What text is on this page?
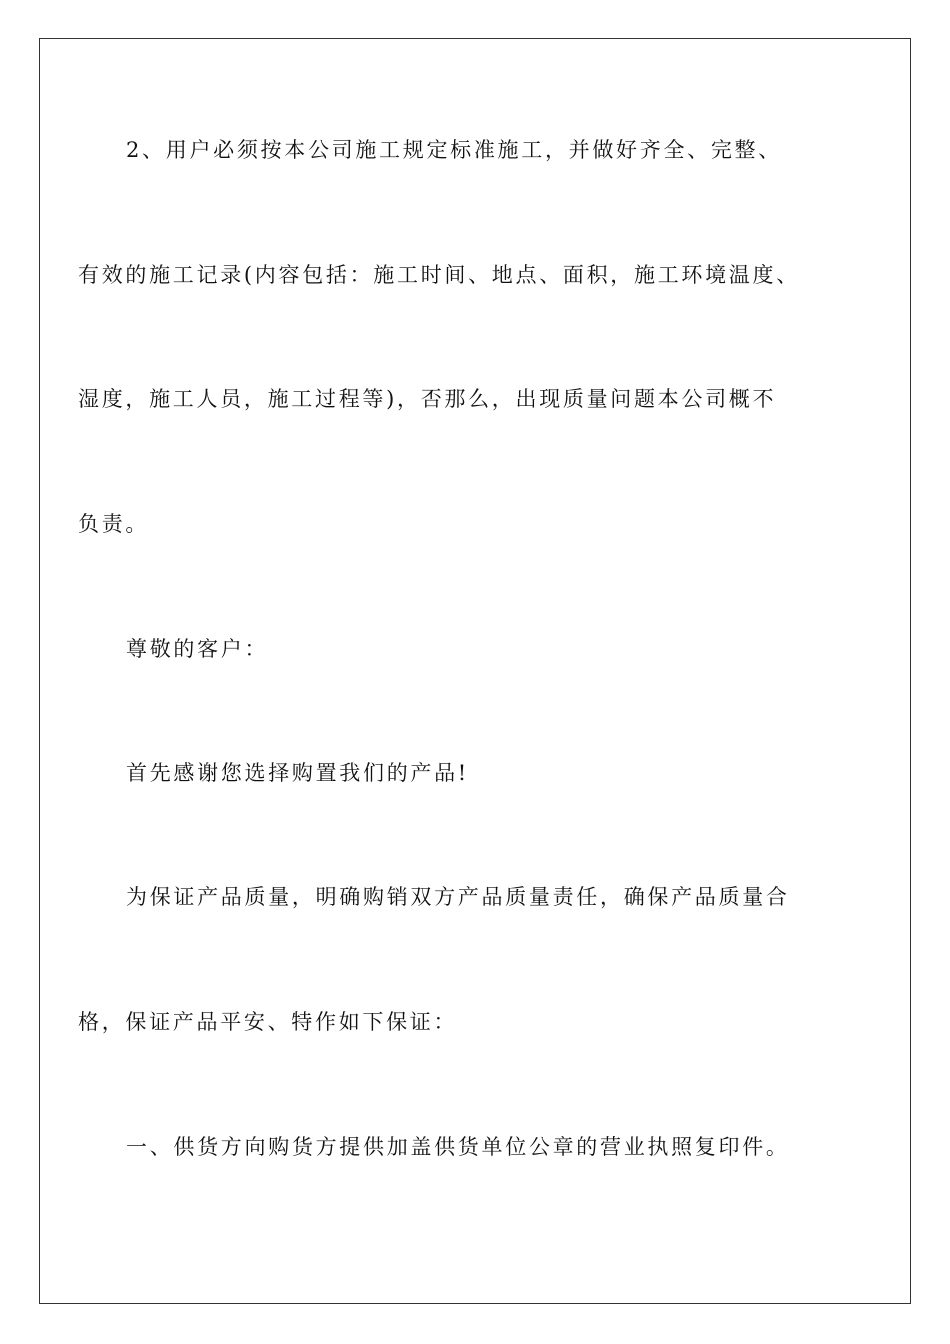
2、用户必须按本公司施工规定标准施工，并做好齐全、完整、
有效的施工记录(内容包括：施工时间、地点、面积，施工环境温度、
湿度，施工人员，施工过程等)，否那么，出现质量问题本公司概不
负责。
尊敬的客户：
首先感谢您选择购置我们的产品!
为保证产品质量，明确购销双方产品质量责任，确保产品质量合
格，保证产品平安、特作如下保证：
一、供货方向购货方提供加盖供货单位公章的营业执照复印件。
